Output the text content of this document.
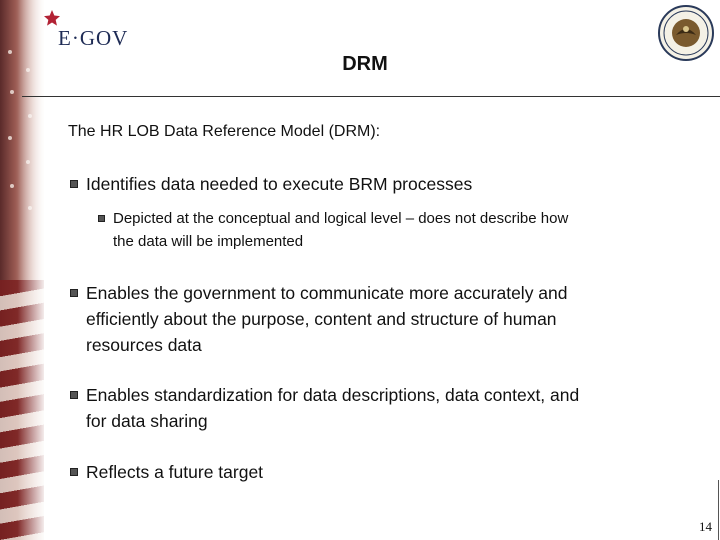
E·GOV
DRM
The HR LOB Data Reference Model (DRM):
Identifies data needed to execute BRM processes
Depicted at the conceptual and logical level – does not describe how
the data will be implemented
Enables the government to communicate more accurately and
efficiently about the purpose, content and structure of human
resources data
Enables standardization for data descriptions, data context, and
for data sharing
Reflects a future target
14
